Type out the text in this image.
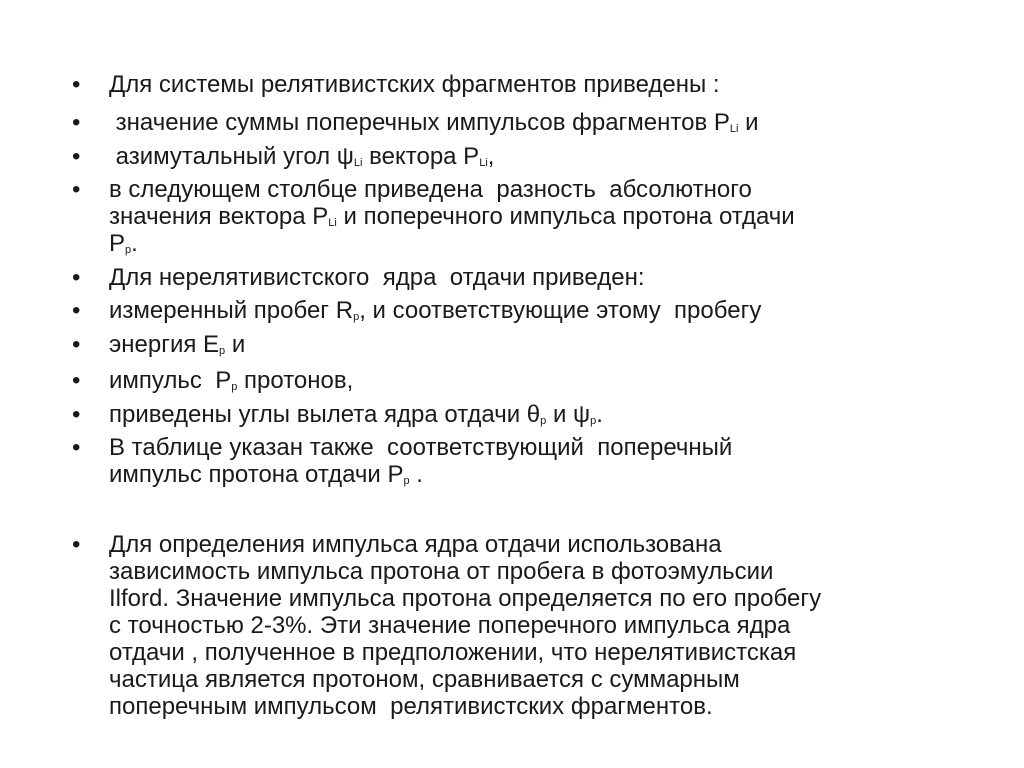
• Для системы релятивистских фрагментов приведены :
• значение суммы поперечных импульсов фрагментов PLi и
• азимутальный угол ψLi вектора PLi,
• в следующем столбце приведена  разность  абсолютного
значения вектора PLi и поперечного импульса протона отдачи
Pp.
• Для нерелятивистского  ядра  отдачи приведен:
• измеренный пробег Rp, и соответствующие этому  пробегу
• энергия Ep и
• импульс  Pp протонов,
• приведены углы вылета ядра отдачи θp и ψp.
• В таблице указан также  соответствующий  поперечный
импульс протона отдачи Pp .
• Для определения импульса ядра отдачи использована
зависимость импульса протона от пробега в фотоэмульсии
Ilford. Значение импульса протона определяется по его пробегу
с точностью 2-3%. Эти значение поперечного импульса ядра
отдачи , полученное в предположении, что нерелятивистская
частица является протоном, сравнивается с суммарным
поперечным импульсом  релятивистских фрагментов.
